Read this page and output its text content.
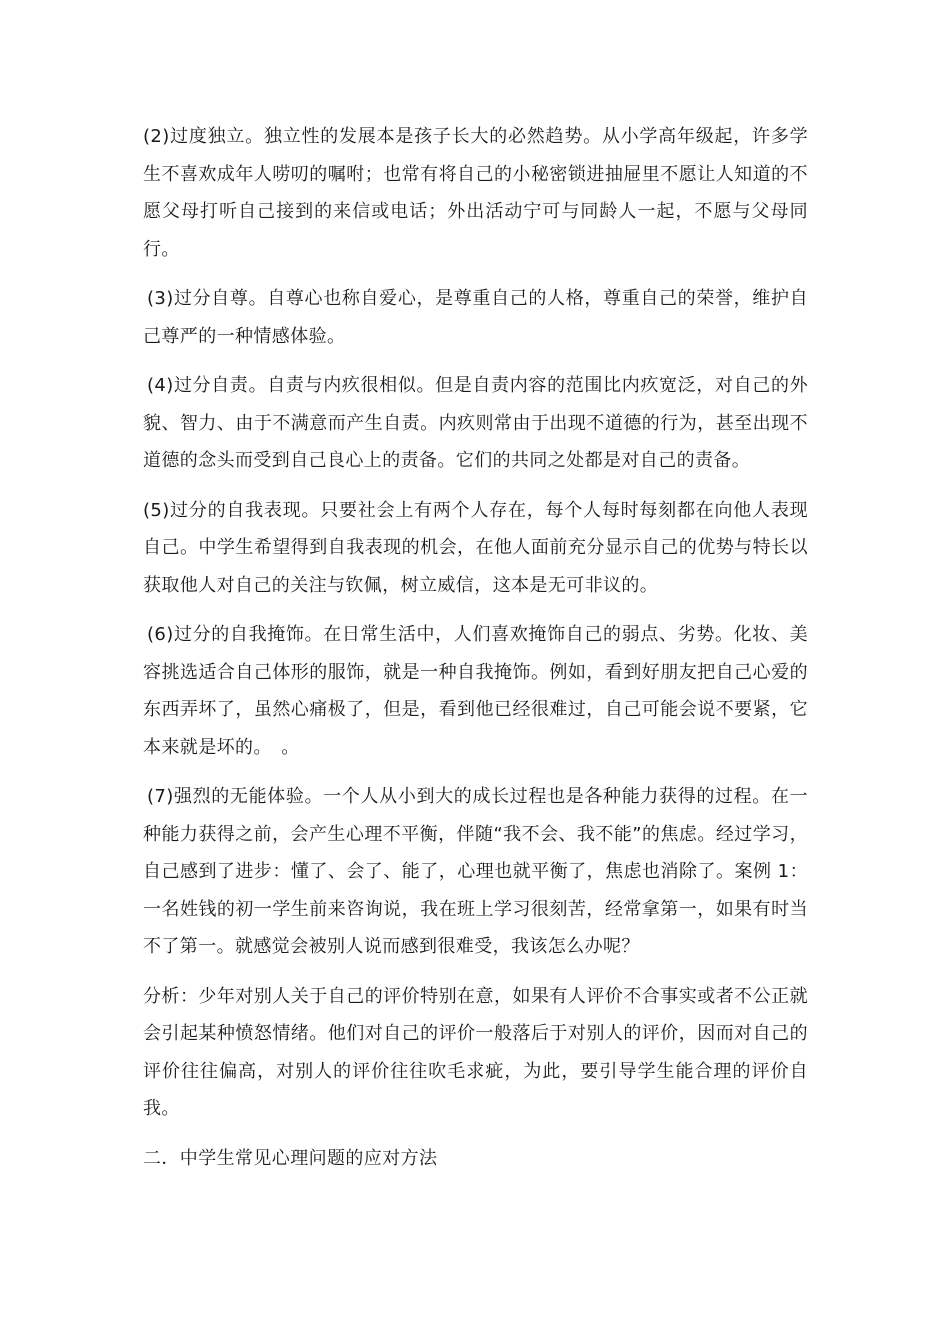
(2)过度独立。独立性的发展本是孩子长大的必然趋势。从小学高年级起，许多学生不喜欢成年人唠叨的嘱咐；也常有将自己的小秘密锁进抽屉里不愿让人知道的不愿父母打听自己接到的来信或电话；外出活动宁可与同龄人一起，不愿与父母同行。

(3)过分自尊。自尊心也称自爱心，是尊重自己的人格，尊重自己的荣誉，维护自己尊严的一种情感体验。

(4)过分自责。自责与内疚很相似。但是自责内容的范围比内疚宽泛，对自己的外貌、智力、由于不满意而产生自责。内疚则常由于出现不道德的行为，甚至出现不道德的念头而受到自己良心上的责备。它们的共同之处都是对自己的责备。

(5)过分的自我表现。只要社会上有两个人存在，每个人每时每刻都在向他人表现自己。中学生希望得到自我表现的机会，在他人面前充分显示自己的优势与特长以获取他人对自己的关注与钦佩，树立威信，这本是无可非议的。

(6)过分的自我掩饰。在日常生活中，人们喜欢掩饰自己的弱点、劣势。化妆、美容挑选适合自己体形的服饰，就是一种自我掩饰。例如，看到好朋友把自己心爱的东西弄坏了，虽然心痛极了，但是，看到他已经很难过，自己可能会说不要紧，它本来就是坏的。　。

(7)强烈的无能体验。一个人从小到大的成长过程也是各种能力获得的过程。在一种能力获得之前，会产生心理不平衡，伴随“我不会、我不能”的焦虑。经过学习，自己感到了进步：懂了、会了、能了，心理也就平衡了，焦虑也消除了。案例 1：一名姓钱的初一学生前来咨询说，我在班上学习很刻苦，经常拿第一，如果有时当不了第一。就感觉会被别人说而感到很难受，我该怎么办呢？

分析：少年对别人关于自己的评价特别在意，如果有人评价不合事实或者不公正就会引起某种愤怒情绪。他们对自己的评价一般落后于对别人的评价，因而对自己的评价往往偏高，对别人的评价往往吹毛求疵，为此，要引导学生能合理的评价自我。

二．中学生常见心理问题的应对方法
